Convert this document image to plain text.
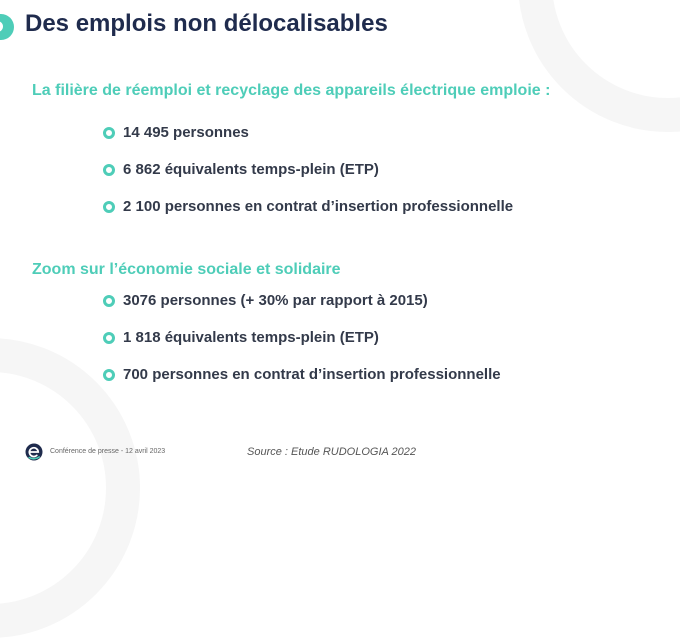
Des emplois non délocalisables
La filière de réemploi et recyclage des appareils électrique emploie :
14 495 personnes
6 862 équivalents temps-plein (ETP)
2 100 personnes en contrat d’insertion professionnelle
Zoom sur l’économie sociale et solidaire
3076 personnes (+ 30% par rapport à 2015)
1 818 équivalents temps-plein (ETP)
700 personnes en contrat d’insertion professionnelle
Conférence de presse - 12 avril 2023	Source : Etude RUDOLOGIA 2022
